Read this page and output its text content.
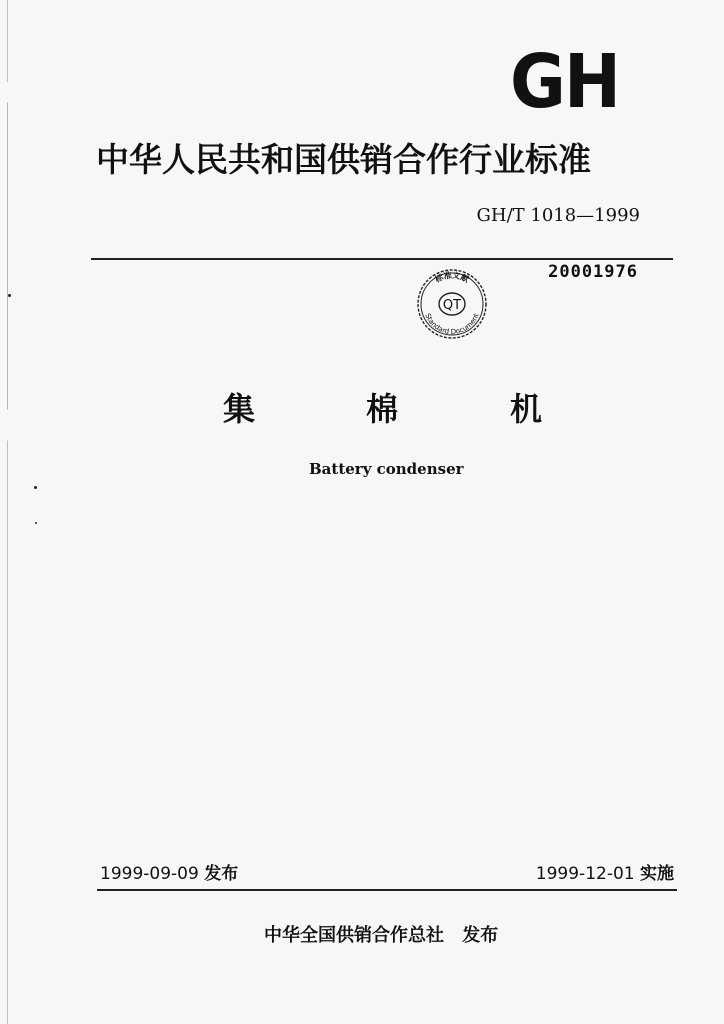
GH
中华人民共和国供销合作行业标准
GH/T 1018—1999
20001976
QT
标准文献
Standard Document
集	棉	机
Battery condenser
1999-09-09 发布	1999-12-01 实施
中华全国供销合作总社 发布
